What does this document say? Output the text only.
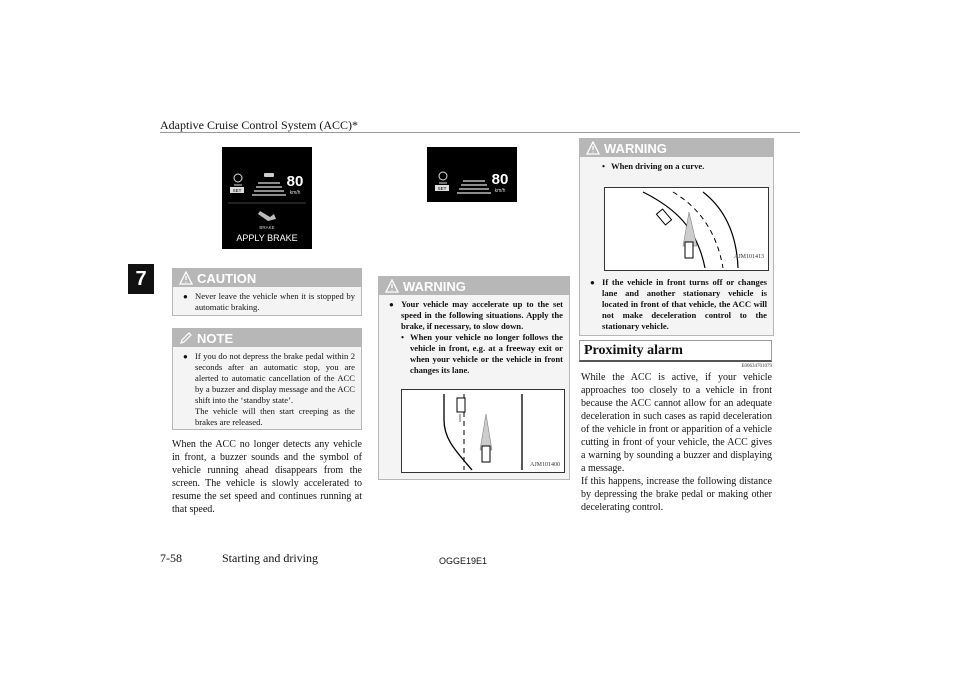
Adaptive Cruise Control System (ACC)*
7
SET
80
km/h
BRAKE
APPLY BRAKE
SET
80
km/h
CAUTION
● Never leave the vehicle when it is stopped by automatic braking.
NOTE
● If you do not depress the brake pedal within 2 seconds after an automatic stop, you are alerted to automatic cancellation of the ACC by a buzzer and display message and the ACC shift into the ‘standby state’.
The vehicle will then start creeping as the brakes are released.
When the ACC no longer detects any vehicle in front, a buzzer sounds and the symbol of vehicle running ahead disappears from the screen. The vehicle is slowly accelerated to resume the set speed and continues running at that speed.
WARNING
● Your vehicle may accelerate up to the set speed in the following situations. Apply the brake, if necessary, to slow down.
• When your vehicle no longer follows the vehicle in front, e.g. at a freeway exit or when your vehicle or the vehicle in front changes its lane.
AJM101400
WARNING
• When driving on a curve.
AJM101413
● If the vehicle in front turns off or changes lane and another stationary vehicle is located in front of that vehicle, the ACC will not make deceleration control to the stationary vehicle.
Proximity alarm
E00634701079
While the ACC is active, if your vehicle approaches too closely to a vehicle in front because the ACC cannot allow for an adequate deceleration in such cases as rapid deceleration of the vehicle in front or apparition of a vehicle cutting in front of your vehicle, the ACC gives a warning by sounding a buzzer and displaying a message.
If this happens, increase the following distance by depressing the brake pedal or making other decelerating control.
7-58	Starting and driving	OGGE19E1
